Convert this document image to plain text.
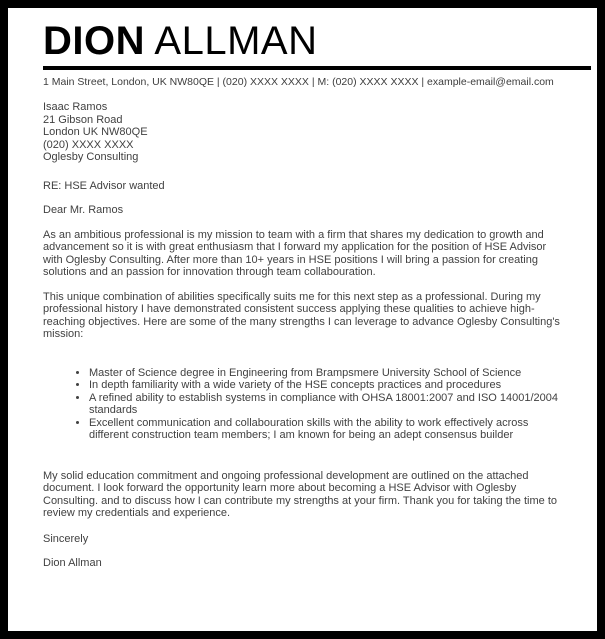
DION ALLMAN
1 Main Street, London, UK NW80QE | (020) XXXX XXXX | M: (020) XXXX XXXX | example-email@email.com
Isaac Ramos
21 Gibson Road
London UK NW80QE
(020) XXXX XXXX
Oglesby Consulting

RE: HSE Advisor wanted

Dear Mr. Ramos

As an ambitious professional is my mission to team with a firm that shares my dedication to growth and advancement so it is with great enthusiasm that I forward my application for the position of HSE Advisor with Oglesby Consulting. After more than 10+ years in HSE positions I will bring a passion for creating solutions and an passion for innovation through team collabouration.

This unique combination of abilities specifically suits me for this next step as a professional. During my professional history I have demonstrated consistent success applying these qualities to achieve high-reaching objectives. Here are some of the many strengths I can leverage to advance Oglesby Consulting's mission:

• Master of Science degree in Engineering from Brampsmere University School of Science
• In depth familiarity with a wide variety of the HSE concepts practices and procedures
• A refined ability to establish systems in compliance with OHSA 18001:2007 and ISO 14001/2004 standards
• Excellent communication and collabouration skills with the ability to work effectively across different construction team members; I am known for being an adept consensus builder

My solid education commitment and ongoing professional development are outlined on the attached document. I look forward the opportunity learn more about becoming a HSE Advisor with Oglesby Consulting. and to discuss how I can contribute my strengths at your firm. Thank you for taking the time to review my credentials and experience.

Sincerely

Dion Allman
